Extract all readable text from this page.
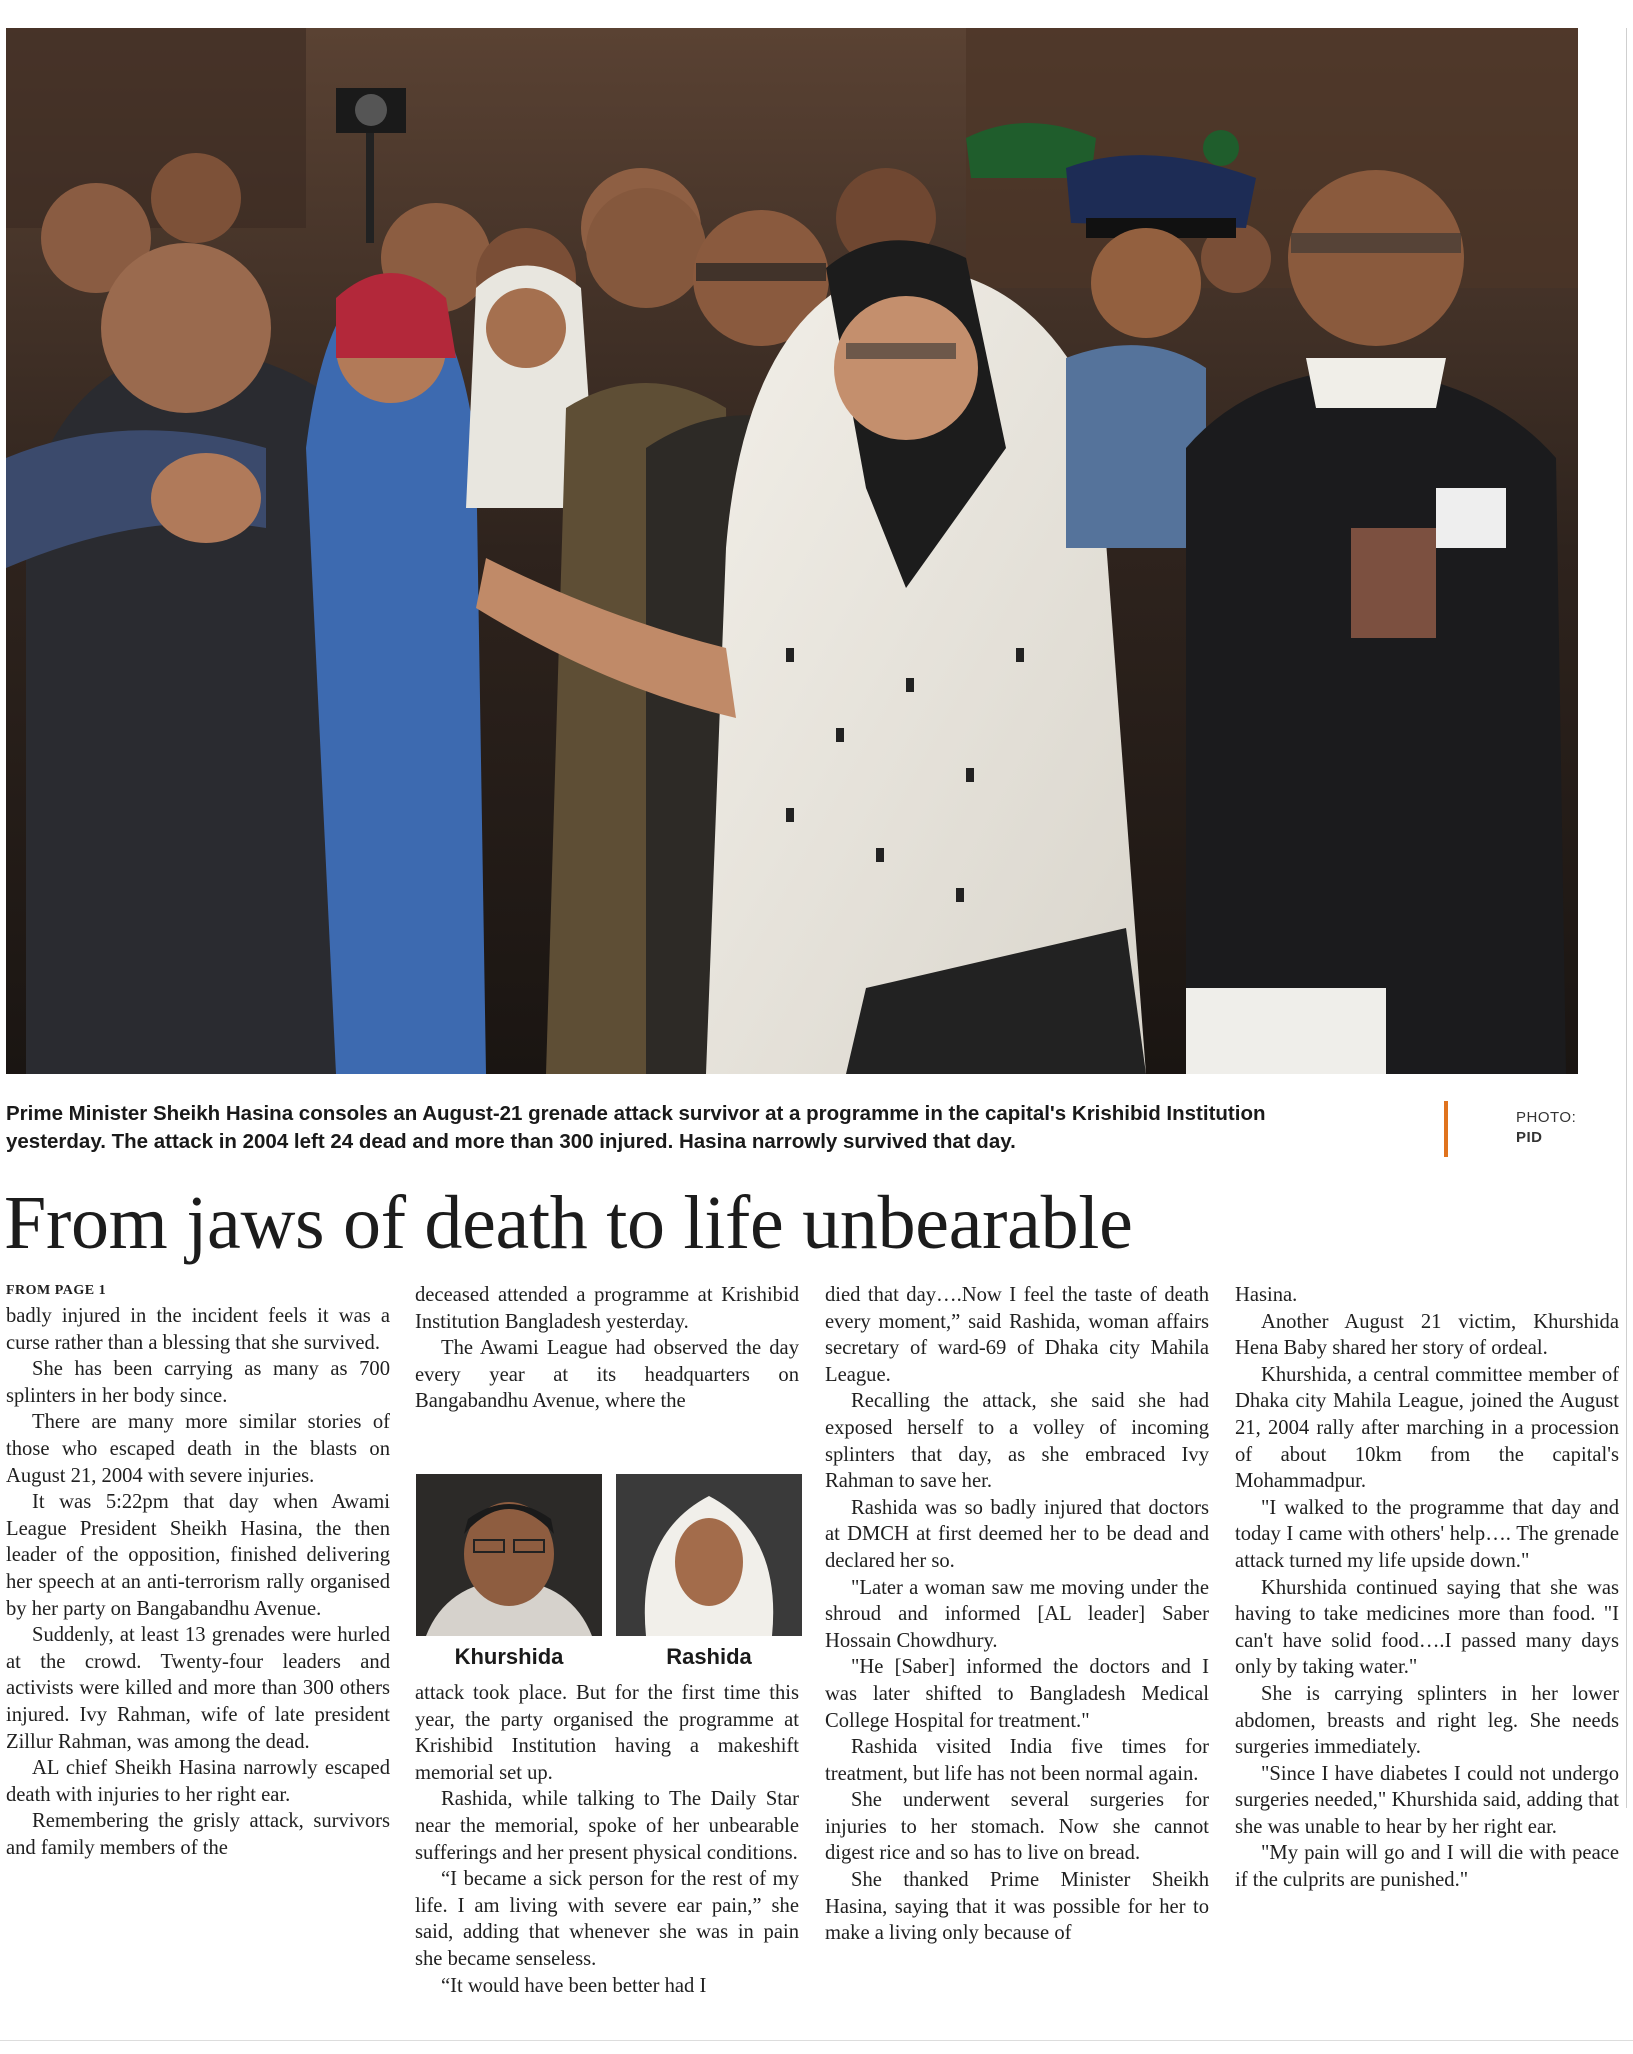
Prime Minister Sheikh Hasina consoles an August-21 grenade attack survivor at a programme in the capital's Krishibid Institution yesterday. The attack in 2004 left 24 dead and more than 300 injured. Hasina narrowly survived that day.
PHOTO:
PID
From jaws of death to life unbearable
FROM PAGE 1

badly injured in the incident feels it was a curse rather than a blessing that she survived.

She has been carrying as many as 700 splinters in her body since.

There are many more similar stories of those who escaped death in the blasts on August 21, 2004 with severe injuries.

It was 5:22pm that day when Awami League President Sheikh Hasina, the then leader of the opposition, finished delivering her speech at an anti-terrorism rally organised by her party on Bangabandhu Avenue.

Suddenly, at least 13 grenades were hurled at the crowd. Twenty-four leaders and activists were killed and more than 300 others injured. Ivy Rahman, wife of late president Zillur Rahman, was among the dead.

AL chief Sheikh Hasina narrowly escaped death with injuries to her right ear.

Remembering the grisly attack, survivors and family members of the

deceased attended a programme at Krishibid Institution Bangladesh yesterday.

The Awami League had observed the day every year at its headquarters on Bangabandhu Avenue, where the

Khurshida	Rashida

attack took place. But for the first time this year, the party organised the programme at Krishibid Institution having a makeshift memorial set up.

Rashida, while talking to The Daily Star near the memorial, spoke of her unbearable sufferings and her present physical conditions.

“I became a sick person for the rest of my life. I am living with severe ear pain,” she said, adding that whenever she was in pain she became senseless.

“It would have been better had I

died that day….Now I feel the taste of death every moment,” said Rashida, woman affairs secretary of ward-69 of Dhaka city Mahila League.

Recalling the attack, she said she had exposed herself to a volley of incoming splinters that day, as she embraced Ivy Rahman to save her.

Rashida was so badly injured that doctors at DMCH at first deemed her to be dead and declared her so.

"Later a woman saw me moving under the shroud and informed [AL leader] Saber Hossain Chowdhury.

"He [Saber] informed the doctors and I was later shifted to Bangladesh Medical College Hospital for treatment."

Rashida visited India five times for treatment, but life has not been normal again.

She underwent several surgeries for injuries to her stomach. Now she cannot digest rice and so has to live on bread.

She thanked Prime Minister Sheikh Hasina, saying that it was possible for her to make a living only because of

Hasina.

Another August 21 victim, Khurshida Hena Baby shared her story of ordeal.

Khurshida, a central committee member of Dhaka city Mahila League, joined the August 21, 2004 rally after marching in a procession of about 10km from the capital's Mohammadpur.

"I walked to the programme that day and today I came with others' help…. The grenade attack turned my life upside down."

Khurshida continued saying that she was having to take medicines more than food. "I can't have solid food….I passed many days only by taking water."

She is carrying splinters in her lower abdomen, breasts and right leg. She needs surgeries immediately.

"Since I have diabetes I could not undergo surgeries needed," Khurshida said, adding that she was unable to hear by her right ear.

"My pain will go and I will die with peace if the culprits are punished."
